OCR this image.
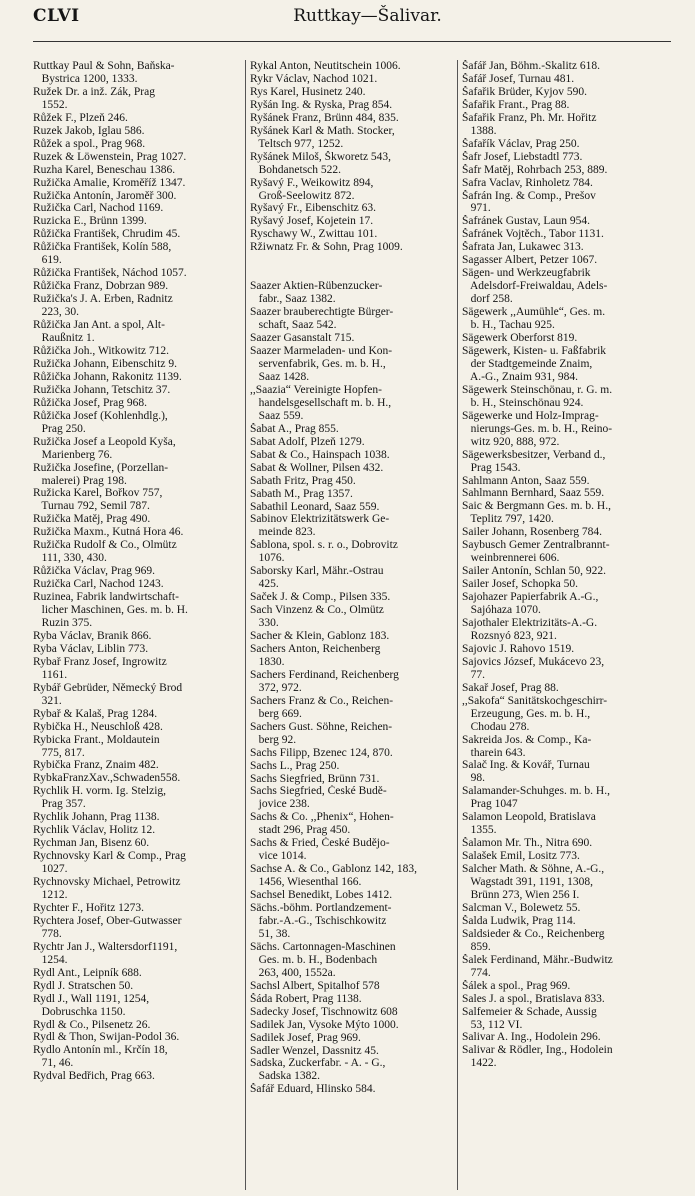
CLVI	Ruttkay—Šalivar.
Ruttkay Paul & Sohn, Baňska-
Bystrica 1200, 1333.
Ružek Dr. a inž. Zák, Prag
1552.
Růžek F., Plzeň 246.
Ruzek Jakob, Iglau 586.
Růžek a spol., Prag 968.
Ruzek & Löwenstein, Prag 1027.
Ruzha Karel, Beneschau 1386.
Ružička Amalie, Kroměříž 1347.
Ružička Antonín, Jaroměř 300.
Ružička Carl, Nachod 1169.
Ruzicka E., Brünn 1399.
Růžička František, Chrudim 45.
Růžička František, Kolín 588,
619.
Růžička František, Náchod 1057.
Růžička Franz, Dobrzan 989.
Ružička's J. A. Erben, Radnitz
223, 30.
Růžička Jan Ant. a spol, Alt-
Raußnitz 1.
Růžička Joh., Witkowitz 712.
Ružička Johann, Eibenschitz 9.
Růžička Johann, Rakonitz 1139.
Ružička Johann, Tetschitz 37.
Růžička Josef, Prag 968.
Růžička Josef (Kohlenhdlg.),
Prag 250.
Ružička Josef a Leopold Kyša,
Marienberg 76.
Ružička Josefine, (Porzellan-
malerei) Prag 198.
Ružicka Karel, Bořkov 757,
Turnau 792, Semil 787.
Ružička Matěj, Prag 490.
Ružička Maxm., Kutná Hora 46.
Ružička Rudolf & Co., Olmütz
111, 330, 430.
Růžička Václav, Prag 969.
Rużička Carl, Nachod 1243.
Ruzinea, Fabrik landwirtschaft-
licher Maschinen, Ges. m. b. H.
Ruzin 375.
Ryba Václav, Branik 866.
Ryba Václav, Liblin 773.
Rybař Franz Josef, Ingrowitz
1161.
Rybář Gebrüder, Německý Brod
321.
Rybař & Kalaš, Prag 1284.
Rybička H., Neuschloß 428.
Rybicka Frant., Moldautein
775, 817.
Rybička Franz, Znaim 482.
RybkaFranzXav.,Schwaden558.
Rychlik H. vorm. Ig. Stelzig,
Prag 357.
Rychlik Johann, Prag 1138.
Rychlik Václav, Holitz 12.
Rychman Jan, Bisenz 60.
Rychnovsky Karl & Comp., Prag
1027.
Rychnovsky Michael, Petrowitz
1212.
Rychter F., Hořitz 1273.
Rychtera Josef, Ober-Gutwasser
778.
Rychtr Jan J., Waltersdorf1191,
1254.
Rydl Ant., Leipník 688.
Rydl J. Stratschen 50.
Rydl J., Wall 1191, 1254,
Dobruschka 1150.
Rydl & Co., Pilsenetz 26.
Rydl & Thon, Swijan-Podol 36.
Rydlo Antonín ml., Krčín 18,
71, 46.
Rydval Bedřich, Prag 663.
Rykal Anton, Neutitschein 1006.
Rykr Václav, Nachod 1021.
Rys Karel, Husinetz 240.
Ryšán Ing. & Ryska, Prag 854.
Ryšánek Franz, Brünn 484, 835.
Ryšánek Karl & Math. Stocker,
Teltsch 977, 1252.
Ryšánek Miloš, Škworetz 543,
Bohdanetsch 522.
Ryšavý F., Weikowitz 894,
Groß-Seelowitz 872.
Ryšavý Fr., Eibenschitz 63.
Ryšavý Josef, Kojetein 17.
Ryschawy W., Zwittau 101.
Ržiwnatz Fr. & Sohn, Prag 1009.
Saazer Aktien-Rübenzucker-
fabr., Saaz 1382.
Saazer brauberechtigte Bürger-
schaft, Saaz 542.
Saazer Gasanstalt 715.
Saazer Marmeladen- und Kon-
servenfabrik, Ges. m. b. H.,
Saaz 1428.
,,Saazia“ Vereinigte Hopfen-
handelsgesellschaft m. b. H.,
Saaz 559.
Šabat A., Prag 855.
Sabat Adolf, Plzeň 1279.
Sabat & Co., Hainspach 1038.
Sabat & Wollner, Pilsen 432.
Sabath Fritz, Prag 450.
Sabath M., Prag 1357.
Sabathil Leonard, Saaz 559.
Sabinov Elektrizitätswerk Ge-
meinde 823.
Šablona, spol. s. r. o., Dobrovitz
1076.
Saborsky Karl, Mähr.-Ostrau
425.
Saček J. & Comp., Pilsen 335.
Sach Vinzenz & Co., Olmütz
330.
Sacher & Klein, Gablonz 183.
Sachers Anton, Reichenberg
1830.
Sachers Ferdinand, Reichenberg
372, 972.
Sachers Franz & Co., Reichen-
berg 669.
Sachers Gust. Söhne, Reichen-
berg 92.
Sachs Filipp, Bzenec 124, 870.
Sachs L., Prag 250.
Sachs Siegfried, Brünn 731.
Sachs Siegfried, České Budě-
jovice 238.
Sachs & Co. ,,Phenix“, Hohen-
stadt 296, Prag 450.
Sachs & Fried, České Budějo-
vice 1014.
Sachse A. & Co., Gablonz 142, 183,
1456, Wiesenthal 166.
Sachsel Benedikt, Lobes 1412.
Sächs.-böhm. Portlandzement-
fabr.-A.-G., Tschischkowitz
51, 38.
Sächs. Cartonnagen-Maschinen
Ges. m. b. H., Bodenbach
263, 400, 1552a.
Sachsl Albert, Spitalhof 578
Šáda Robert, Prag 1138.
Sadecky Josef, Tischnowitz 608
Sadilek Jan, Vysoke Mýto 1000.
Sadilek Josef, Prag 969.
Sadler Wenzel, Dassnitz 45.
Sadska, Zuckerfabr. - A. - G.,
Sadska 1382.
Šafář Eduard, Hlinsko 584.
Šafář Jan, Böhm.-Skalitz 618.
Šafář Josef, Turnau 481.
Šafařik Brüder, Kyjov 590.
Šafařik Frant., Prag 88.
Šafařik Franz, Ph. Mr. Hořitz
1388.
Šafařík Václav, Prag 250.
Šafr Josef, Liebstadtl 773.
Šafr Matěj, Rohrbach 253, 889.
Safra Vaclav, Rinholetz 784.
Šafrán Ing. & Comp., Prešov
971.
Šafránek Gustav, Laun 954.
Šafránek Vojtěch., Tabor 1131.
Šafrata Jan, Lukawec 313.
Sagasser Albert, Petzer 1067.
Sägen- und Werkzeugfabrik
Adelsdorf-Freiwaldau, Adels-
dorf 258.
Sägewerk ,,Aumühle“, Ges. m.
b. H., Tachau 925.
Sägewerk Oberforst 819.
Sägewerk, Kisten- u. Faßfabrik
der Stadtgemeinde Znaim,
A.-G., Znaim 931, 984.
Sägewerk Steinschönau, r. G. m.
b. H., Steinschönau 924.
Sägewerke und Holz-Imprag-
nierungs-Ges. m. b. H., Reino-
witz 920, 888, 972.
Sägewerksbesitzer, Verband d.,
Prag 1543.
Sahlmann Anton, Saaz 559.
Sahlmann Bernhard, Saaz 559.
Saic & Bergmann Ges. m. b. H.,
Teplitz 797, 1420.
Sailer Johann, Rosenberg 784.
Saybusch Gemer Zentralbrannt-
weinbrennerei 606.
Sailer Antonín, Schlan 50, 922.
Sailer Josef, Schopka 50.
Sajohazer Papierfabrik A.-G.,
Sajóhaza 1070.
Sajothaler Elektrizitäts-A.-G.
Rozsnyó 823, 921.
Sajovic J. Rahovo 1519.
Sajovics József, Mukácevo 23,
77.
Sakař Josef, Prag 88.
,,Sakofa“ Sanitätskochgeschirr-
Erzeugung, Ges. m. b. H.,
Chodau 278.
Sakreida Jos. & Comp., Ka-
tharein 643.
Salač Ing. & Kovář, Turnau
98.
Salamander-Schuhges. m. b. H.,
Prag 1047
Salamon Leopold, Bratislava
1355.
Šalamon Mr. Th., Nitra 690.
Salašek Emil, Lositz 773.
Salcher Math. & Söhne, A.-G.,
Wagstadt 391, 1191, 1308,
Brünn 273, Wien 256 I.
Salcman V., Bolewetz 55.
Šalda Ludwik, Prag 114.
Saldsieder & Co., Reichenberg
859.
Šalek Ferdinand, Mähr.-Budwitz
774.
Šálek a spol., Prag 969.
Sales J. a spol., Bratislava 833.
Salfemeier & Schade, Aussig
53, 112 VI.
Salivar A. Ing., Hodolein 296.
Salivar & Rödler, Ing., Hodolein
1422.
